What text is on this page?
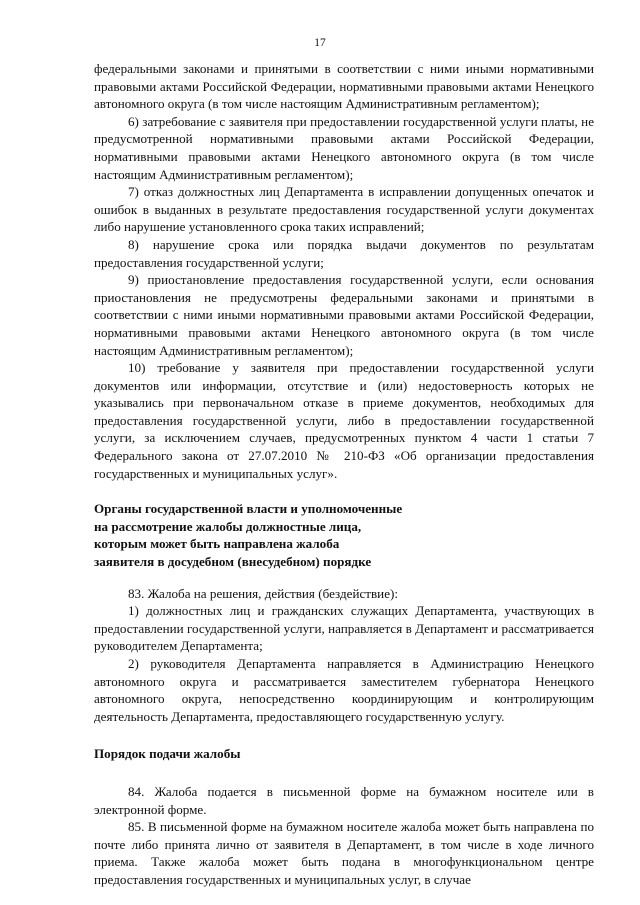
17

федеральными законами и принятыми в соответствии с ними иными нормативными правовыми актами Российской Федерации, нормативными правовыми актами Ненецкого автономного округа (в том числе настоящим Административным регламентом);

6) затребование с заявителя при предоставлении государственной услуги платы, не предусмотренной нормативными правовыми актами Российской Федерации, нормативными правовыми актами Ненецкого автономного округа (в том числе настоящим Административным регламентом);

7) отказ должностных лиц Департамента в исправлении допущенных опечаток и ошибок в выданных в результате предоставления государственной услуги документах либо нарушение установленного срока таких исправлений;

8) нарушение срока или порядка выдачи документов по результатам предоставления государственной услуги;

9) приостановление предоставления государственной услуги, если основания приостановления не предусмотрены федеральными законами и принятыми в соответствии с ними иными нормативными правовыми актами Российской Федерации, нормативными правовыми актами Ненецкого автономного округа (в том числе настоящим Административным регламентом);

10) требование у заявителя при предоставлении государственной услуги документов или информации, отсутствие и (или) недостоверность которых не указывались при первоначальном отказе в приеме документов, необходимых для предоставления государственной услуги, либо в предоставлении государственной услуги, за исключением случаев, предусмотренных пунктом 4 части 1 статьи 7 Федерального закона от 27.07.2010 № 210-ФЗ «Об организации предоставления государственных и муниципальных услуг».

Органы государственной власти и уполномоченные

на рассмотрение жалобы должностные лица,

которым может быть направлена жалоба

заявителя в досудебном (внесудебном) порядке

83. Жалоба на решения, действия (бездействие):

1) должностных лиц и гражданских служащих Департамента, участвующих в предоставлении государственной услуги, направляется в Департамент и рассматривается руководителем Департамента;

2) руководителя Департамента направляется в Администрацию Ненецкого автономного округа и рассматривается заместителем губернатора Ненецкого автономного округа, непосредственно координирующим и контролирующим деятельность Департамента, предоставляющего государственную услугу.

Порядок подачи жалобы

84. Жалоба подается в письменной форме на бумажном носителе или в электронной форме.

85. В письменной форме на бумажном носителе жалоба может быть направлена по почте либо принята лично от заявителя в Департамент, в том числе в ходе личного приема. Также жалоба может быть подана в многофункциональном центре предоставления государственных и муниципальных услуг, в случае
